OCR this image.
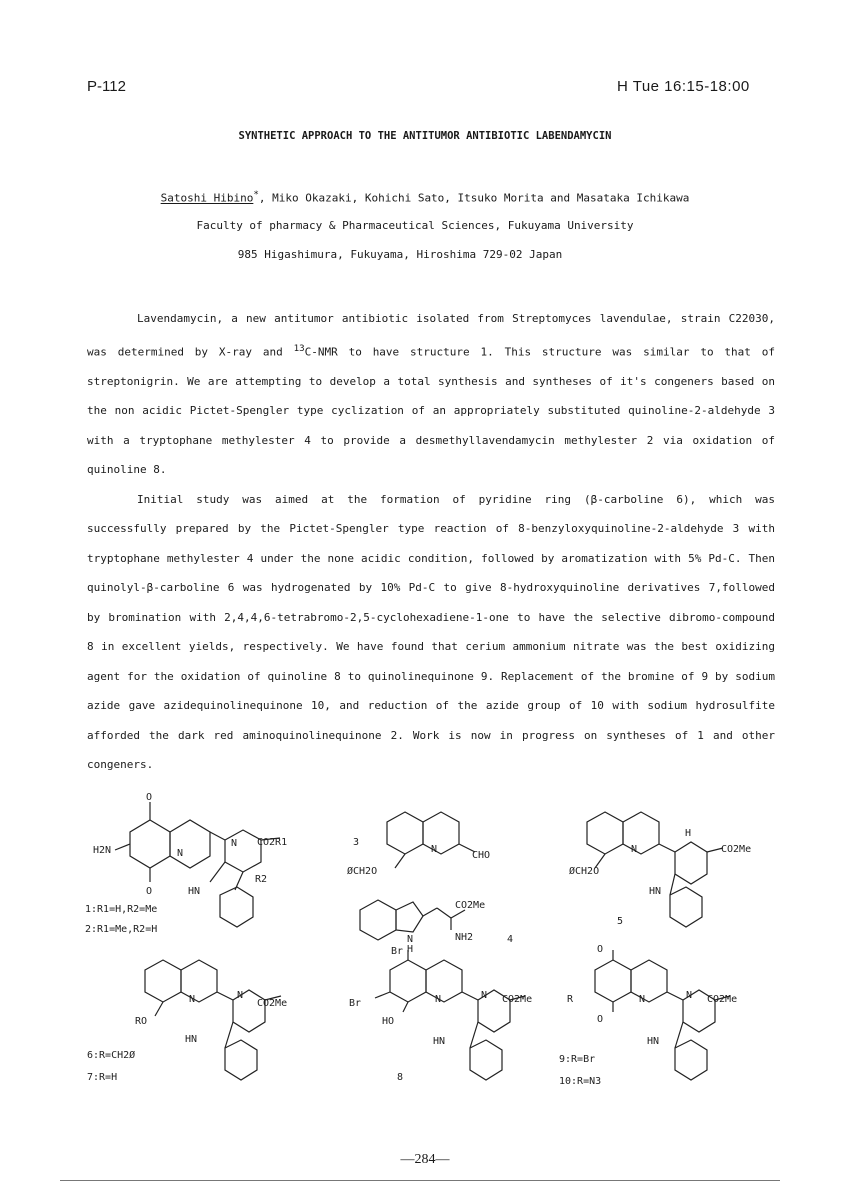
P-112	H Tue 16:15-18:00
SYNTHETIC APPROACH TO THE ANTITUMOR ANTIBIOTIC LABENDAMYCIN
Satoshi Hibino*, Miko Okazaki, Kohichi Sato, Itsuko Morita and Masataka Ichikawa
Faculty of pharmacy & Pharmaceutical Sciences, Fukuyama University
985 Higashimura, Fukuyama, Hiroshima 729-02 Japan

Lavendamycin, a new antitumor antibiotic isolated from Streptomyces lavendulae, strain C22030, was determined by X-ray and $^{13}$C-NMR to have structure 1. This structure was similar to that of streptonigrin. We are attempting to develop a total synthesis and syntheses of it's congeners based on the non acidic Pictet-Spengler type cyclization of an appropriately substituted quinoline-2-aldehyde 3 with a tryptophane methylester 4 to provide a desmethyllavendamycin methylester 2 via oxidation of quinoline 8.

Initial study was aimed at the formation of pyridine ring (β-carboline 6), which was successfully prepared by the Pictet-Spengler type reaction of 8-benzyloxyquinoline-2-aldehyde 3 with tryptophane methylester 4 under the none acidic condition, followed by aromatization with 5% Pd-C. Then quinolyl-β-carboline 6 was hydrogenated by 10% Pd-C to give 8-hydroxyquinoline derivatives 7,followed by bromination with 2,4,4,6-tetrabromo-2,5-cyclohexadiene-1-one to have the selective dibromo-compound 8 in excellent yields, respectively. We have found that cerium ammonium nitrate was the best oxidizing agent for the oxidation of quinoline 8 to quinolinequinone 9. Replacement of the bromine of 9 by sodium azide gave azidequinolinequinone 10, and reduction of the azide group of 10 with sodium hydrosulfite afforded the dark red aminoquinolinequinone 2. Work is now in progress on syntheses of 1 and other congeners.

O
O
H2N	N
N CO2R1
R2
HN
1:R1=H,R2=Me
2:R1=Me,R2=H
3
N
CHO
ØCH2O
N
H
CO2Me
NH2	4
N
H
CO2Me
ØCH2O
HN
5
RO
N	N
CO2Me
HN
6:R=CH2Ø
7:R=H
Br
Br
HO
N	N CO2Me
HN
8
O
O
R	N	N CO2Me
HN
9:R=Br
10:R=N3
—284—
